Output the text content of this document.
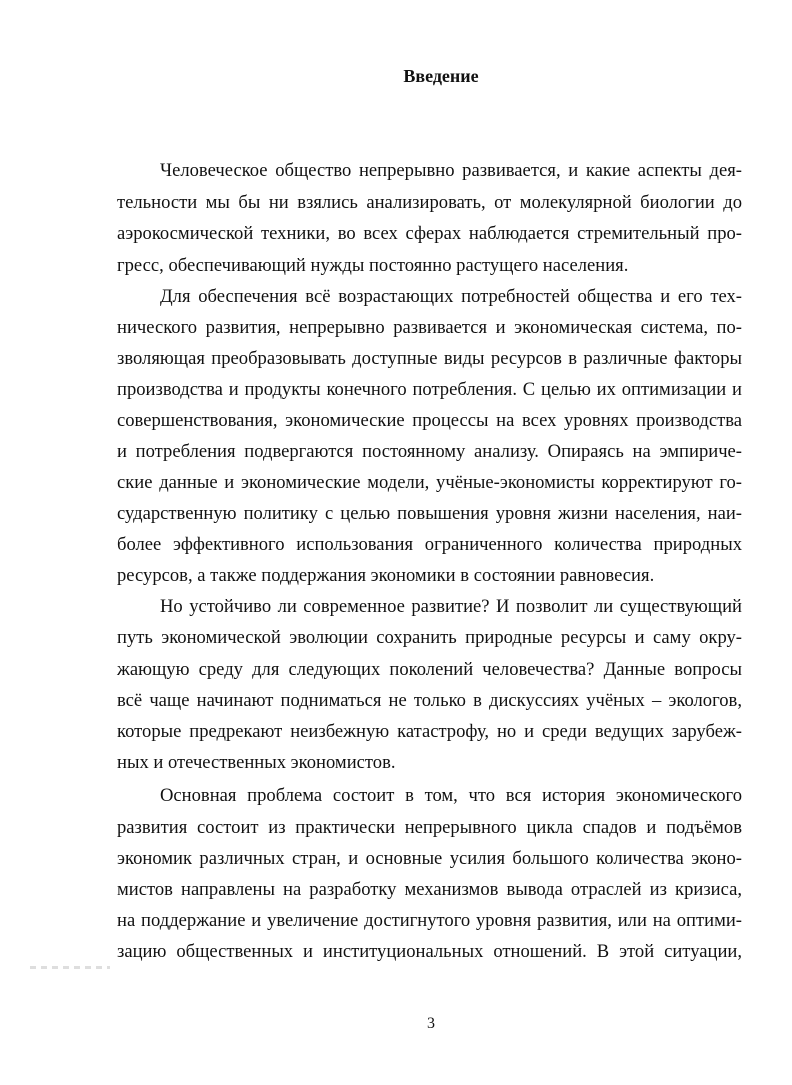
Введение
Человеческое общество непрерывно развивается, и какие аспекты дея-
тельности мы бы ни взялись анализировать, от молекулярной биологии до
аэрокосмической техники, во всех сферах наблюдается стремительный про-
гресс, обеспечивающий нужды постоянно растущего населения.
Для обеспечения всё возрастающих потребностей общества и его тех-
нического развития, непрерывно развивается и экономическая система, по-
зволяющая преобразовывать доступные виды ресурсов в различные факторы
производства и продукты конечного потребления. С целью их оптимизации и
совершенствования, экономические процессы на всех уровнях производства
и потребления подвергаются постоянному анализу. Опираясь на эмпириче-
ские данные и экономические модели, учёные-экономисты корректируют го-
сударственную политику с целью повышения уровня жизни населения, наи-
более эффективного использования ограниченного количества природных
ресурсов, а также поддержания экономики в состоянии равновесия.
Но устойчиво ли современное развитие? И позволит ли существующий
путь экономической эволюции сохранить природные ресурсы и саму окру-
жающую среду для следующих поколений человечества? Данные вопросы
всё чаще начинают подниматься не только в дискуссиях учёных – экологов,
которые предрекают неизбежную катастрофу, но и среди ведущих зарубеж-
ных и отечественных экономистов.
Основная проблема состоит в том, что вся история экономического
развития состоит из практически непрерывного цикла спадов и подъёмов
экономик различных стран, и основные усилия большого количества эконо-
мистов направлены на разработку механизмов вывода отраслей из кризиса,
на поддержание и увеличение достигнутого уровня развития, или на оптими-
зацию общественных и институциональных отношений. В этой ситуации,
3
